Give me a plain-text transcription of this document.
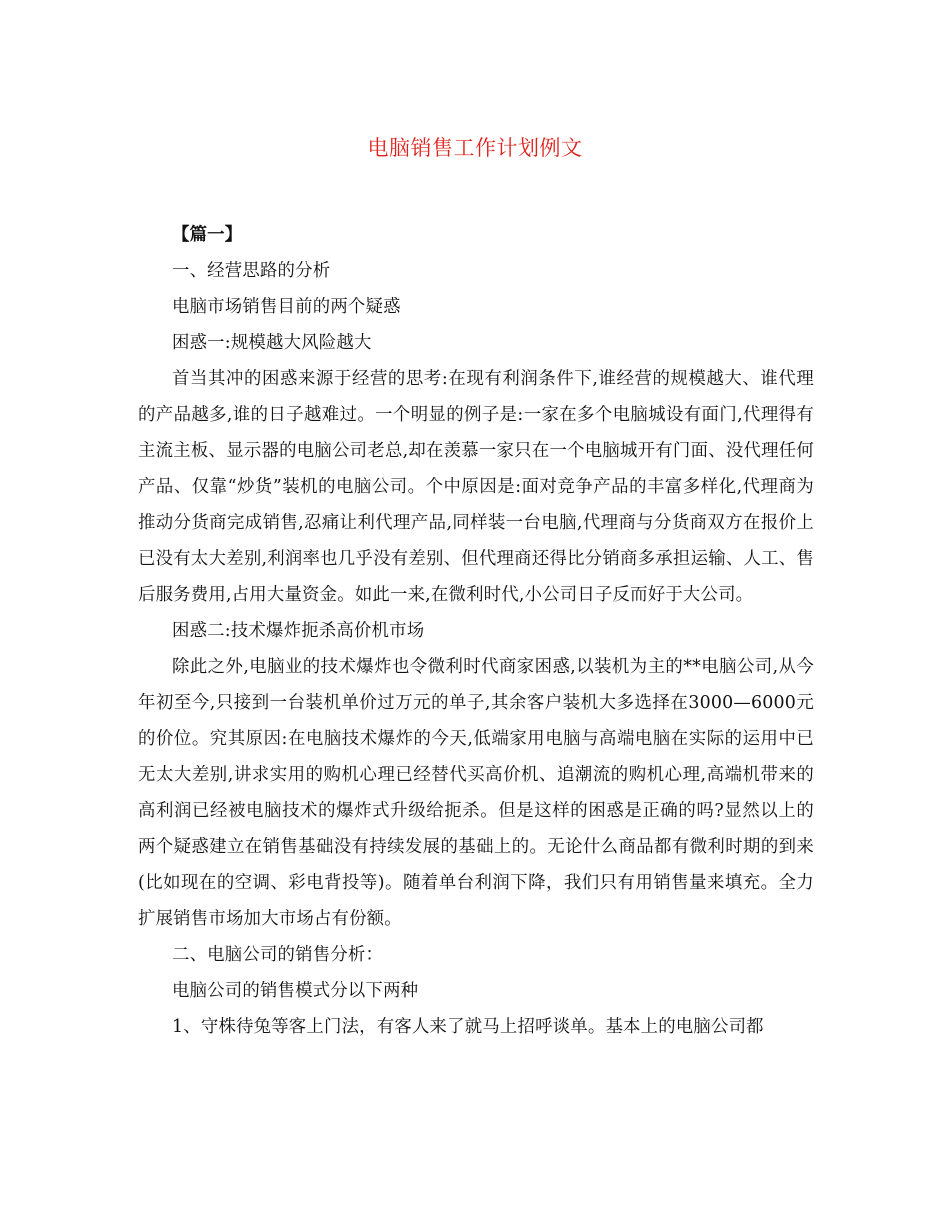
电脑销售工作计划例文

【篇一】

一、经营思路的分析

电脑市场销售目前的两个疑惑

困惑一:规模越大风险越大

首当其冲的困惑来源于经营的思考:在现有利润条件下,谁经营的规模越大、谁代理的产品越多,谁的日子越难过。一个明显的例子是:一家在多个电脑城设有面门,代理得有主流主板、显示器的电脑公司老总,却在羡慕一家只在一个电脑城开有门面、没代理任何产品、仅靠“炒货”装机的电脑公司。个中原因是:面对竞争产品的丰富多样化,代理商为推动分货商完成销售,忍痛让利代理产品,同样装一台电脑,代理商与分货商双方在报价上已没有太大差别,利润率也几乎没有差别、但代理商还得比分销商多承担运输、人工、售后服务费用,占用大量资金。如此一来,在微利时代,小公司日子反而好于大公司。

困惑二:技术爆炸扼杀高价机市场

除此之外,电脑业的技术爆炸也令微利时代商家困惑,以装机为主的**电脑公司,从今年初至今,只接到一台装机单价过万元的单子,其余客户装机大多选择在3000—6000元的价位。究其原因:在电脑技术爆炸的今天,低端家用电脑与高端电脑在实际的运用中已无太大差别,讲求实用的购机心理已经替代买高价机、追潮流的购机心理,高端机带来的高利润已经被电脑技术的爆炸式升级给扼杀。但是这样的困惑是正确的吗?显然以上的两个疑惑建立在销售基础没有持续发展的基础上的。无论什么商品都有微利时期的到来(比如现在的空调、彩电背投等)。随着单台利润下降，我们只有用销售量来填充。全力扩展销售市场加大市场占有份额。

二、电脑公司的销售分析：

电脑公司的销售模式分以下两种

1、守株待兔等客上门法，有客人来了就马上招呼谈单。基本上的电脑公司都
